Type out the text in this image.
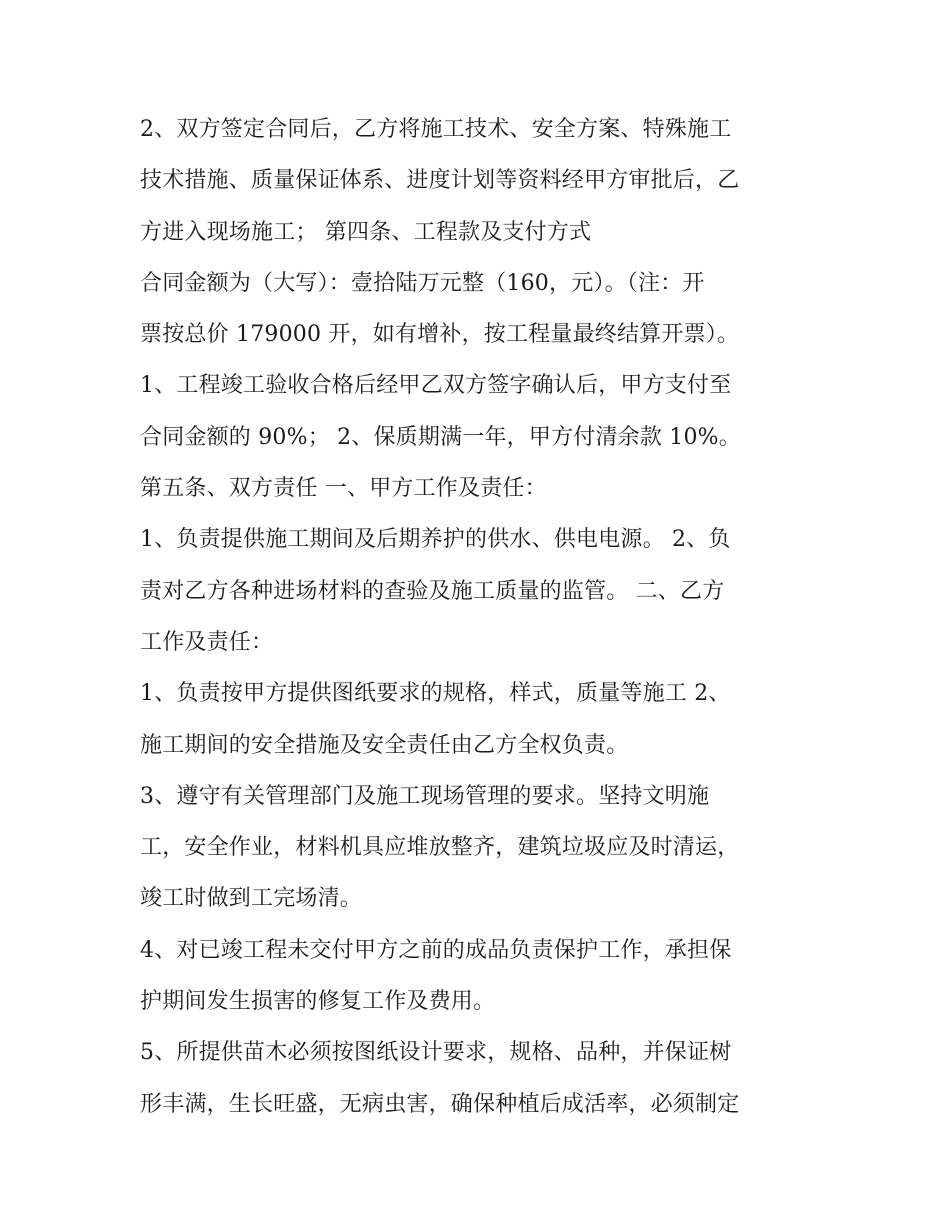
2、双方签定合同后，乙方将施工技术、安全方案、特殊施工
技术措施、质量保证体系、进度计划等资料经甲方审批后，乙
方进入现场施工； 第四条、工程款及支付方式
合同金额为（大写）：壹拾陆万元整（160，元）。（注：开
票按总价 179000 开，如有增补，按工程量最终结算开票）。
1、工程竣工验收合格后经甲乙双方签字确认后，甲方支付至
合同金额的 90%； 2、保质期满一年，甲方付清余款 10%。
第五条、双方责任 一、甲方工作及责任：
1、负责提供施工期间及后期养护的供水、供电电源。 2、负
责对乙方各种进场材料的查验及施工质量的监管。 二、乙方
工作及责任：
1、负责按甲方提供图纸要求的规格，样式，质量等施工 2、
施工期间的安全措施及安全责任由乙方全权负责。
3、遵守有关管理部门及施工现场管理的要求。坚持文明施
工，安全作业，材料机具应堆放整齐，建筑垃圾应及时清运，
竣工时做到工完场清。
4、对已竣工程未交付甲方之前的成品负责保护工作，承担保
护期间发生损害的修复工作及费用。
5、所提供苗木必须按图纸设计要求，规格、品种，并保证树
形丰满，生长旺盛，无病虫害，确保种植后成活率，必须制定
